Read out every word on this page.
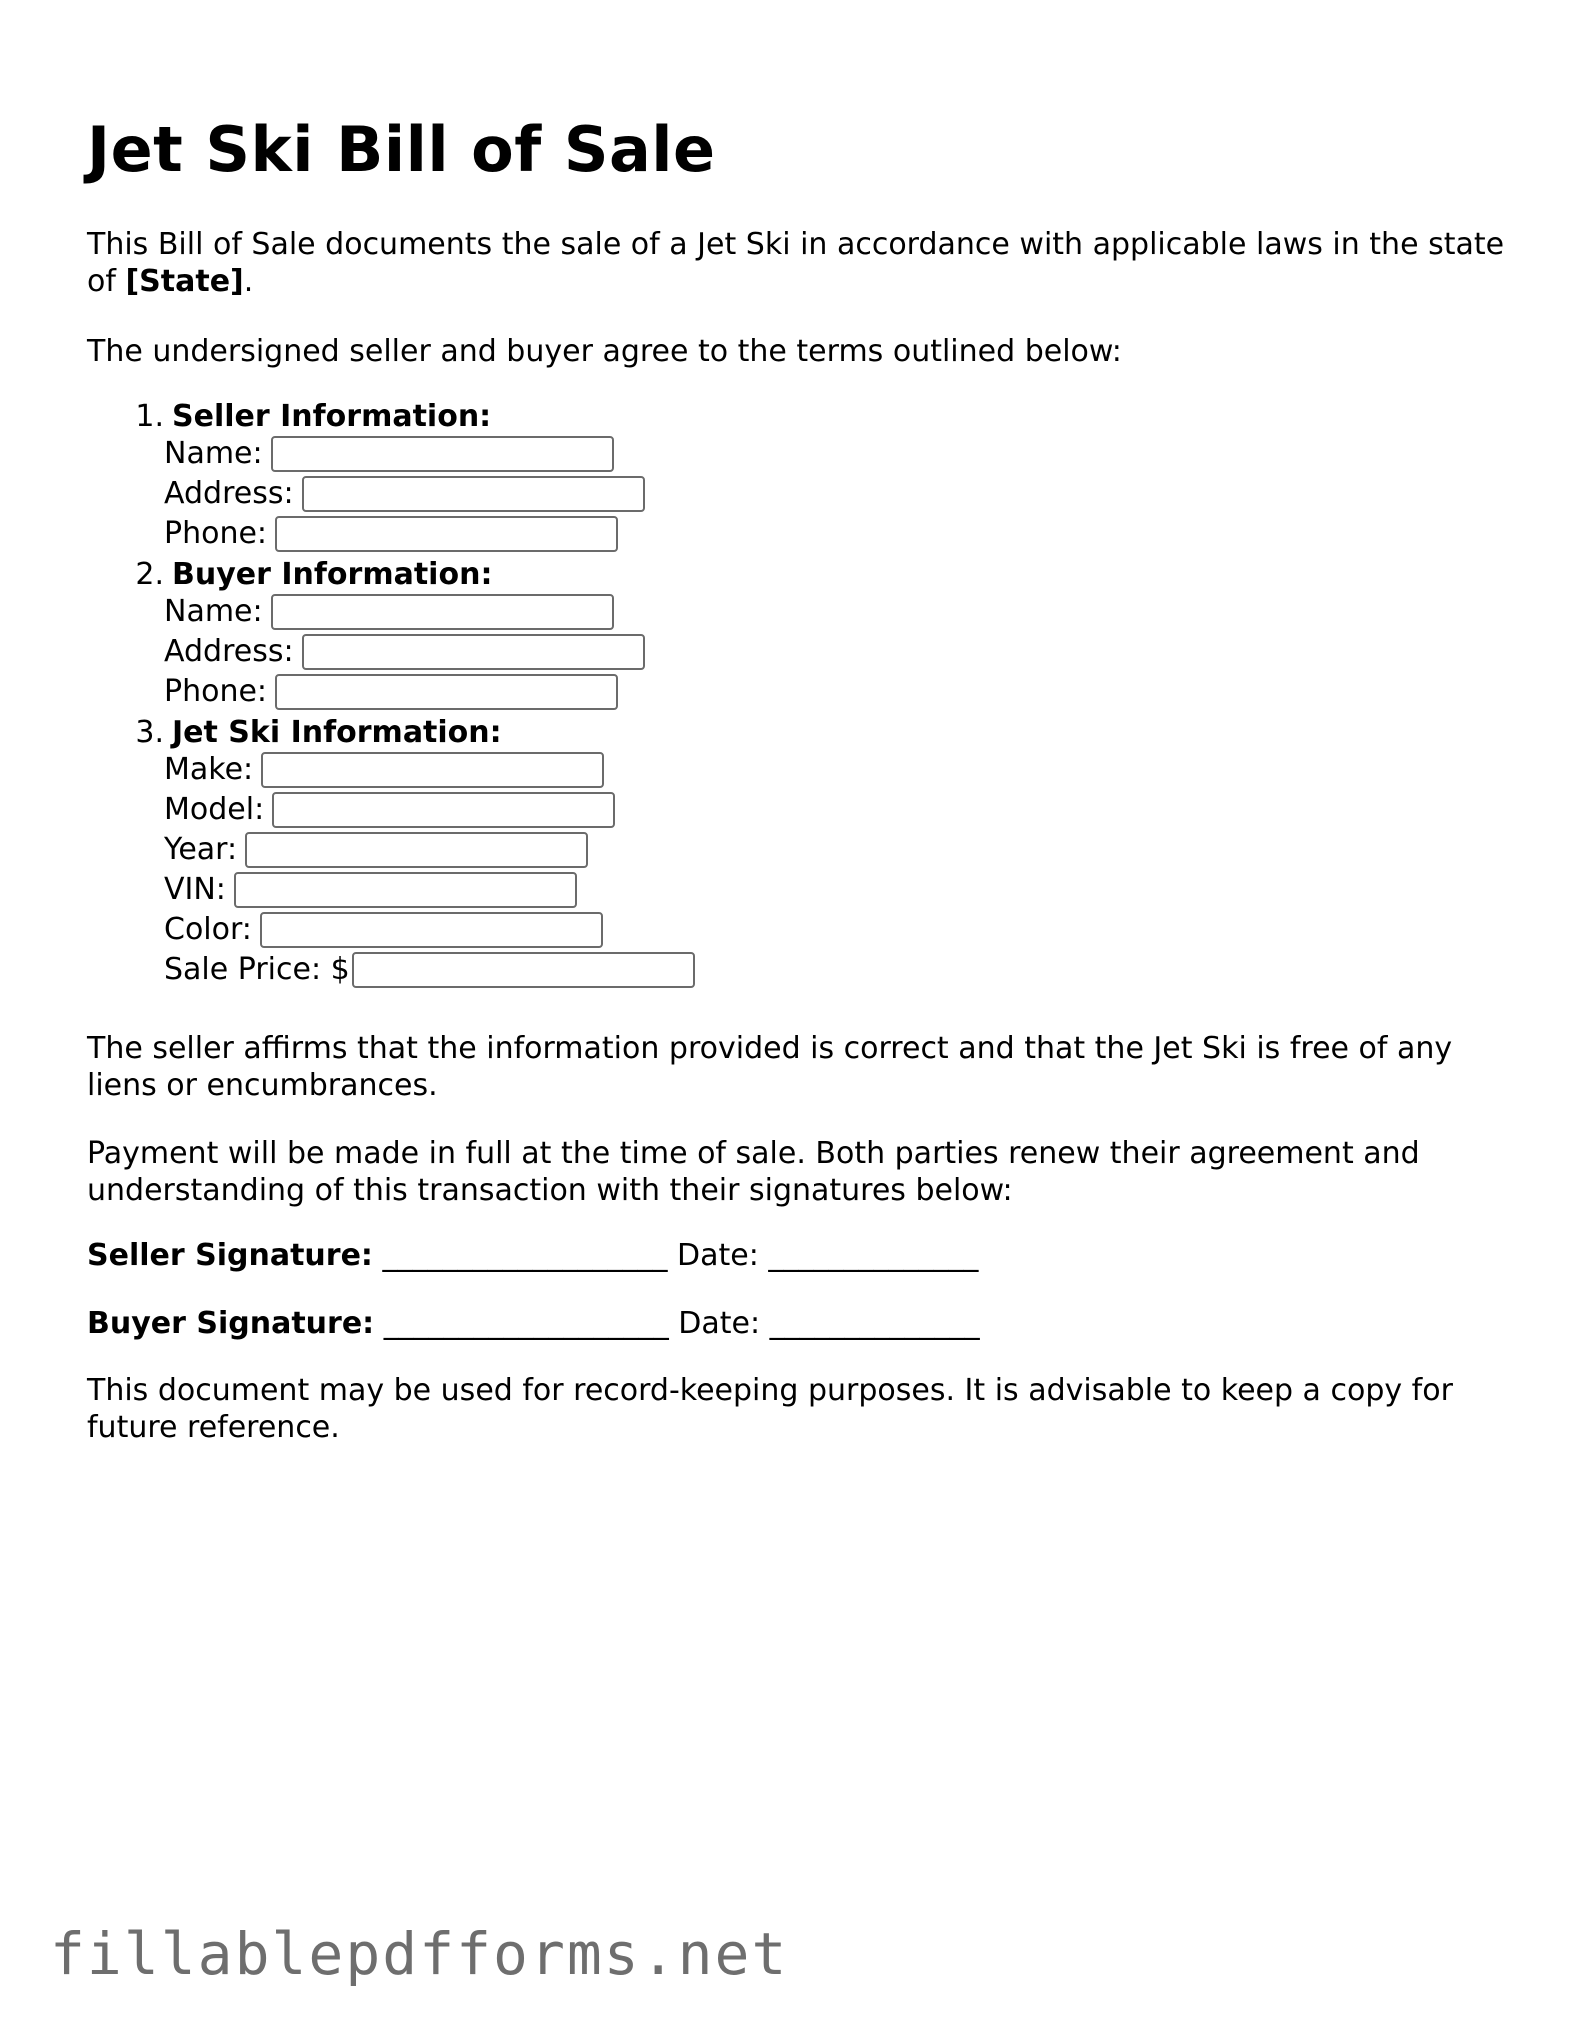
Jet Ski Bill of Sale

This Bill of Sale documents the sale of a Jet Ski in accordance with applicable laws in the state of [State].

The undersigned seller and buyer agree to the terms outlined below:

1. Seller Information:
Name:
Address:
Phone:
2. Buyer Information:
Name:
Address:
Phone:
3. Jet Ski Information:
Make:
Model:
Year:
VIN:
Color:
Sale Price: $

The seller affirms that the information provided is correct and that the Jet Ski is free of any liens or encumbrances.

Payment will be made in full at the time of sale. Both parties renew their agreement and understanding of this transaction with their signatures below:

Seller Signature: ___________________ Date: ______________

Buyer Signature: ___________________ Date: ______________

This document may be used for record-keeping purposes. It is advisable to keep a copy for future reference.

fillablepdfforms.net
